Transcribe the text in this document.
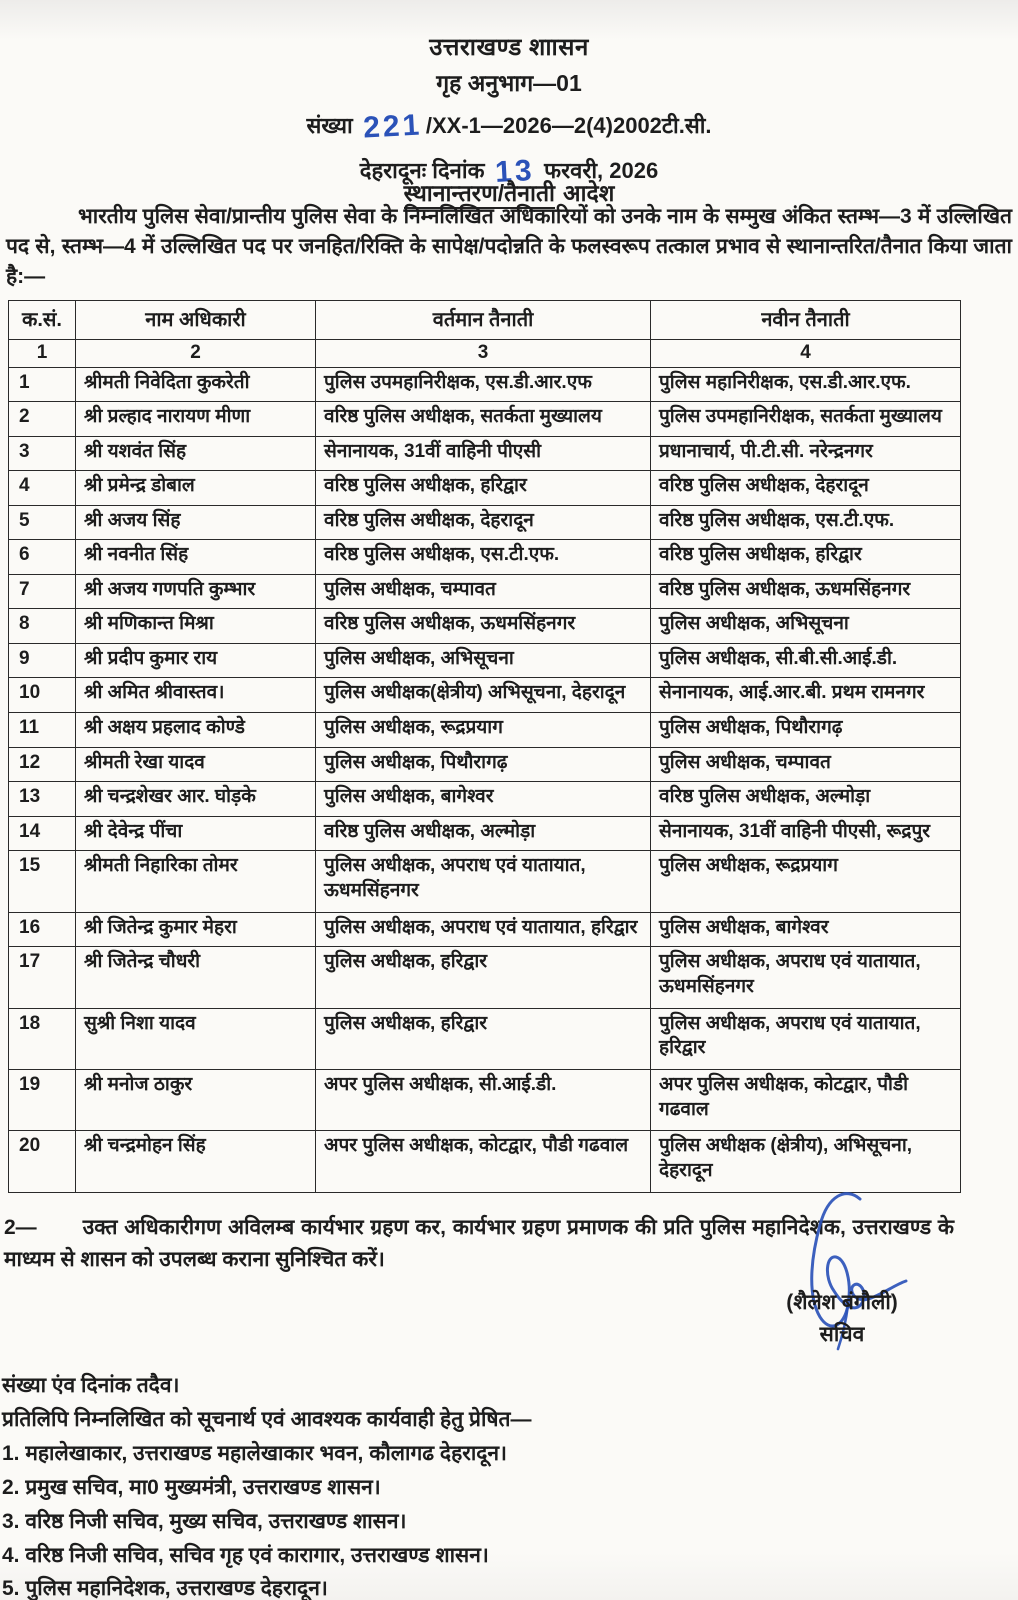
उत्तराखण्ड शाासन
गृह अनुभाग—01
संख्या 221 /XX-1—2026—2(4)2002टी.सी.
देहरादूनः दिनांक 13 फरवरी, 2026
स्थानान्तरण/तैनाती आदेश
भारतीय पुलिस सेवा/प्रान्तीय पुलिस सेवा के निम्नलिखित अधिकारियों को उनके नाम के सम्मुख अंकित स्तम्भ—3 में उल्लिखित पद से, स्तम्भ—4 में उल्लिखित पद पर जनहित/रिक्ति के सापेक्ष/पदोन्नति के फलस्वरूप तत्काल प्रभाव से स्थानान्तरित/तैनात किया जाता है:—
क.सं.	नाम अधिकारी	वर्तमान तैनाती	नवीन तैनाती
1	2	3	4
1	श्रीमती निवेदिता कुकरेती	पुलिस उपमहानिरीक्षक, एस.डी.आर.एफ	पुलिस महानिरीक्षक, एस.डी.आर.एफ.
2	श्री प्रल्हाद नारायण मीणा	वरिष्ठ पुलिस अधीक्षक, सतर्कता मुख्यालय	पुलिस उपमहानिरीक्षक, सतर्कता मुख्यालय
3	श्री यशवंत सिंह	सेनानायक, 31वीं वाहिनी पीएसी	प्रधानाचार्य, पी.टी.सी. नरेन्द्रनगर
4	श्री प्रमेन्द्र डोबाल	वरिष्ठ पुलिस अधीक्षक, हरिद्वार	वरिष्ठ पुलिस अधीक्षक, देहरादून
5	श्री अजय सिंह	वरिष्ठ पुलिस अधीक्षक, देहरादून	वरिष्ठ पुलिस अधीक्षक, एस.टी.एफ.
6	श्री नवनीत सिंह	वरिष्ठ पुलिस अधीक्षक, एस.टी.एफ.	वरिष्ठ पुलिस अधीक्षक, हरिद्वार
7	श्री अजय गणपति कुम्भार	पुलिस अधीक्षक, चम्पावत	वरिष्ठ पुलिस अधीक्षक, ऊधमसिंहनगर
8	श्री मणिकान्त मिश्रा	वरिष्ठ पुलिस अधीक्षक, ऊधमसिंहनगर	पुलिस अधीक्षक, अभिसूचना
9	श्री प्रदीप कुमार राय	पुलिस अधीक्षक, अभिसूचना	पुलिस अधीक्षक, सी.बी.सी.आई.डी.
10	श्री अमित श्रीवास्तव।	पुलिस अधीक्षक(क्षेत्रीय) अभिसूचना, देहरादून	सेनानायक, आई.आर.बी. प्रथम रामनगर
11	श्री अक्षय प्रहलाद कोण्डे	पुलिस अधीक्षक, रूद्रप्रयाग	पुलिस अधीक्षक, पिथौरागढ़
12	श्रीमती रेखा यादव	पुलिस अधीक्षक, पिथौरागढ़	पुलिस अधीक्षक, चम्पावत
13	श्री चन्द्रशेखर आर. घोड़के	पुलिस अधीक्षक, बागेश्वर	वरिष्ठ पुलिस अधीक्षक, अल्मोड़ा
14	श्री देवेन्द्र पींचा	वरिष्ठ पुलिस अधीक्षक, अल्मोड़ा	सेनानायक, 31वीं वाहिनी पीएसी, रूद्रपुर
15	श्रीमती निहारिका तोमर	पुलिस अधीक्षक, अपराध एवं यातायात, ऊधमसिंहनगर	पुलिस अधीक्षक, रूद्रप्रयाग
16	श्री जितेन्द्र कुमार मेहरा	पुलिस अधीक्षक, अपराध एवं यातायात, हरिद्वार	पुलिस अधीक्षक, बागेश्वर
17	श्री जितेन्द्र चौधरी	पुलिस अधीक्षक, हरिद्वार	पुलिस अधीक्षक, अपराध एवं यातायात, ऊधमसिंहनगर
18	सुश्री निशा यादव	पुलिस अधीक्षक, हरिद्वार	पुलिस अधीक्षक, अपराध एवं यातायात, हरिद्वार
19	श्री मनोज ठाकुर	अपर पुलिस अधीक्षक, सी.आई.डी.	अपर पुलिस अधीक्षक, कोटद्वार, पौडी गढवाल
20	श्री चन्द्रमोहन सिंह	अपर पुलिस अधीक्षक, कोटद्वार, पौडी गढवाल	पुलिस अधीक्षक (क्षेत्रीय), अभिसूचना, देहरादून
2— उक्त अधिकारीगण अविलम्ब कार्यभार ग्रहण कर, कार्यभार ग्रहण प्रमाणक की प्रति पुलिस महानिदेशक, उत्तराखण्ड के माध्यम से शासन को उपलब्ध कराना सुनिश्चित करें।
(शैलेश बंगौली)
सचिव
संख्या एंव दिनांक तदैव।
प्रतिलिपि निम्नलिखित को सूचनार्थ एवं आवश्यक कार्यवाही हेतु प्रेषित—
1. महालेखाकार, उत्तराखण्ड महालेखाकार भवन, कौलागढ देहरादून।
2. प्रमुख सचिव, मा0 मुख्यमंत्री, उत्तराखण्ड शासन।
3. वरिष्ठ निजी सचिव, मुख्य सचिव, उत्तराखण्ड शासन।
4. वरिष्ठ निजी सचिव, सचिव गृह एवं कारागार, उत्तराखण्ड शासन।
5. पुलिस महानिदेशक, उत्तराखण्ड देहरादून।
